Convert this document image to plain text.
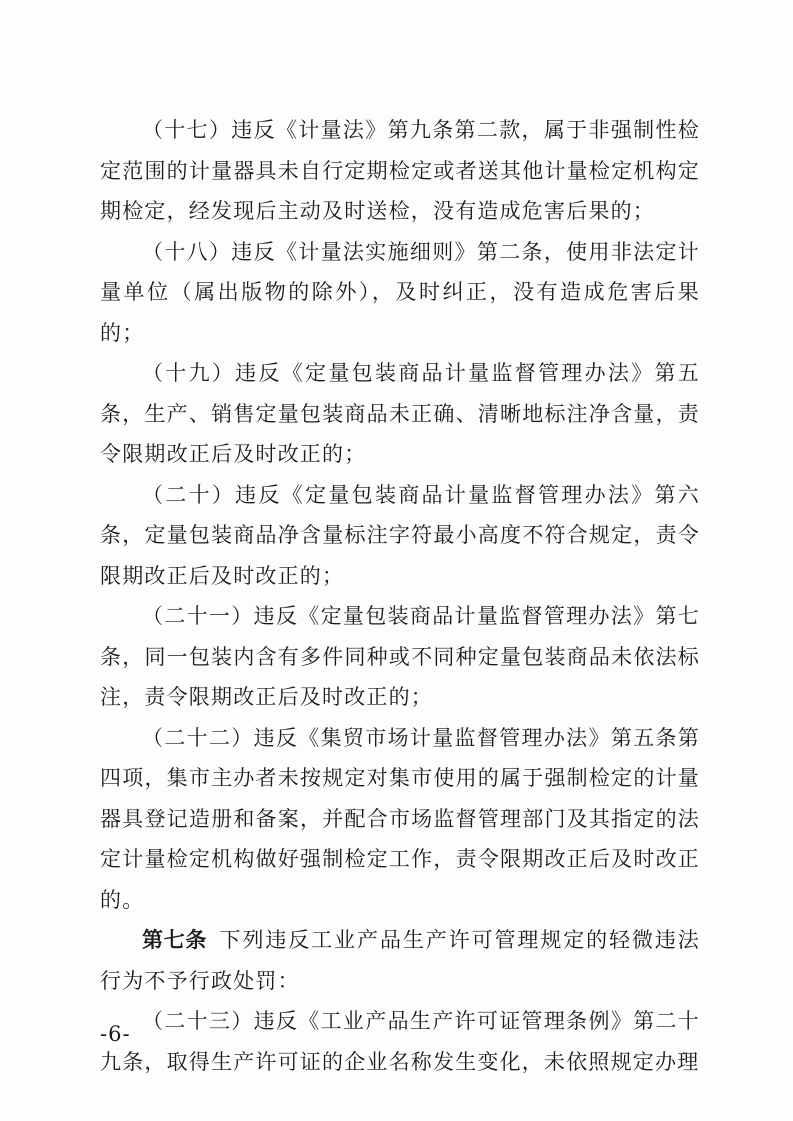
（十七）违反《计量法》第九条第二款，属于非强制性检定范围的计量器具未自行定期检定或者送其他计量检定机构定期检定，经发现后主动及时送检，没有造成危害后果的；

（十八）违反《计量法实施细则》第二条，使用非法定计量单位（属出版物的除外），及时纠正，没有造成危害后果的；

（十九）违反《定量包装商品计量监督管理办法》第五条，生产、销售定量包装商品未正确、清晰地标注净含量，责令限期改正后及时改正的；

（二十）违反《定量包装商品计量监督管理办法》第六条，定量包装商品净含量标注字符最小高度不符合规定，责令限期改正后及时改正的；

（二十一）违反《定量包装商品计量监督管理办法》第七条，同一包装内含有多件同种或不同种定量包装商品未依法标注，责令限期改正后及时改正的；

（二十二）违反《集贸市场计量监督管理办法》第五条第四项，集市主办者未按规定对集市使用的属于强制检定的计量器具登记造册和备案，并配合市场监督管理部门及其指定的法定计量检定机构做好强制检定工作，责令限期改正后及时改正的。

第七条  下列违反工业产品生产许可管理规定的轻微违法行为不予行政处罚：

（二十三）违反《工业产品生产许可证管理条例》第二十九条，取得生产许可证的企业名称发生变化，未依照规定办理

-6-
